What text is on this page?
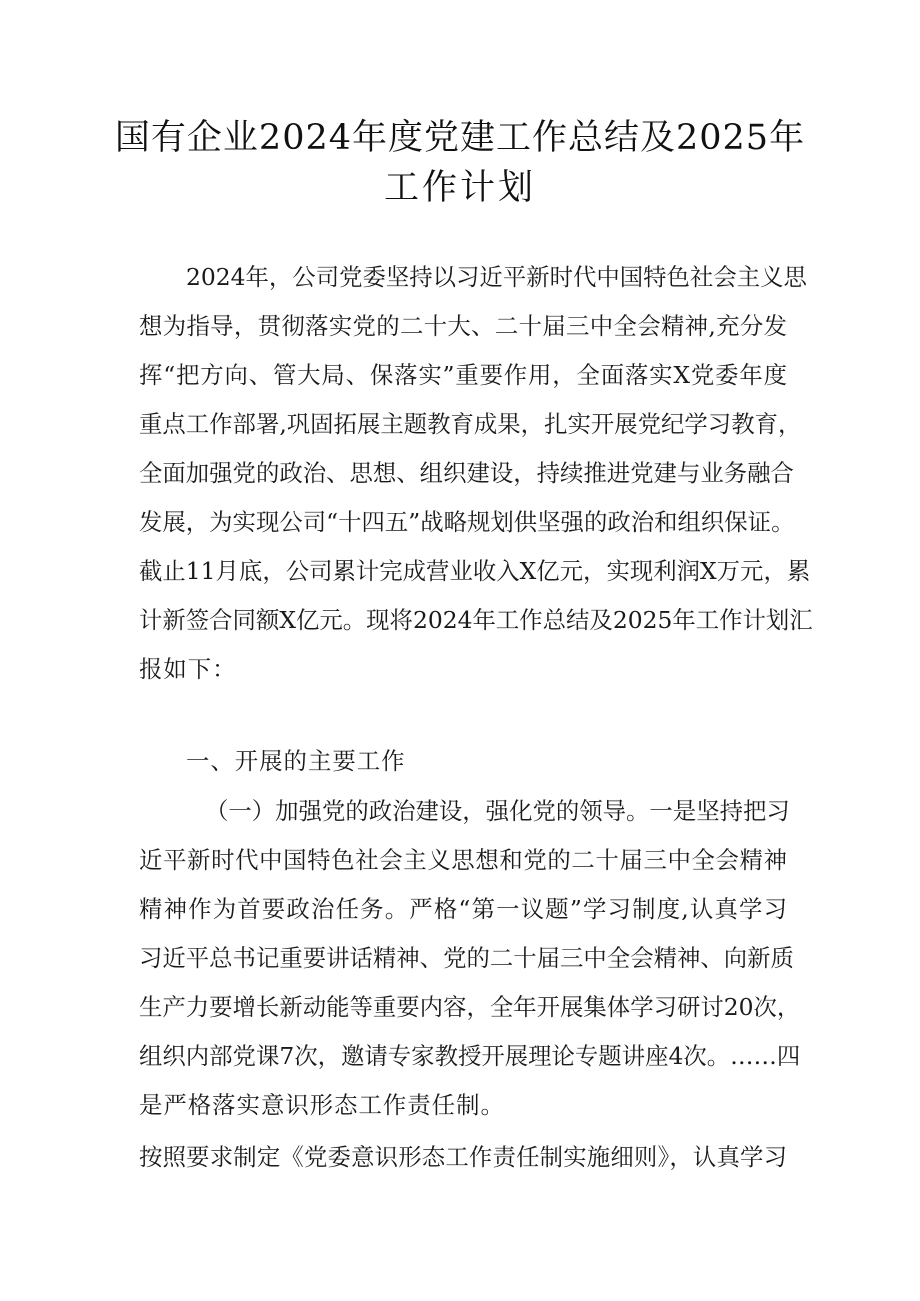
国有企业2024年度党建工作总结及2025年
工作计划

2024年，公司党委坚持以习近平新时代中国特色社会主义思

想为指导，贯彻落实党的二十大、二十届三中全会精神,充分发

挥“把方向、管大局、保落实”重要作用，全面落实X党委年度

重点工作部署,巩固拓展主题教育成果，扎实开展党纪学习教育，

全面加强党的政治、思想、组织建设，持续推进党建与业务融合

发展，为实现公司“十四五”战略规划供坚强的政治和组织保证。

截止11月底，公司累计完成营业收入X亿元，实现利润X万元，累

计新签合同额X亿元。现将2024年工作总结及2025年工作计划汇

报如下：

一、开展的主要工作

（一）加强党的政治建设，强化党的领导。一是坚持把习

近平新时代中国特色社会主义思想和党的二十届三中全会精神

精神作为首要政治任务。严格“第一议题”学习制度,认真学习

习近平总书记重要讲话精神、党的二十届三中全会精神、向新质

生产力要增长新动能等重要内容，全年开展集体学习研讨20次，

组织内部党课7次，邀请专家教授开展理论专题讲座4次。……四

是严格落实意识形态工作责任制。

按照要求制定《党委意识形态工作责任制实施细则》，认真学习
